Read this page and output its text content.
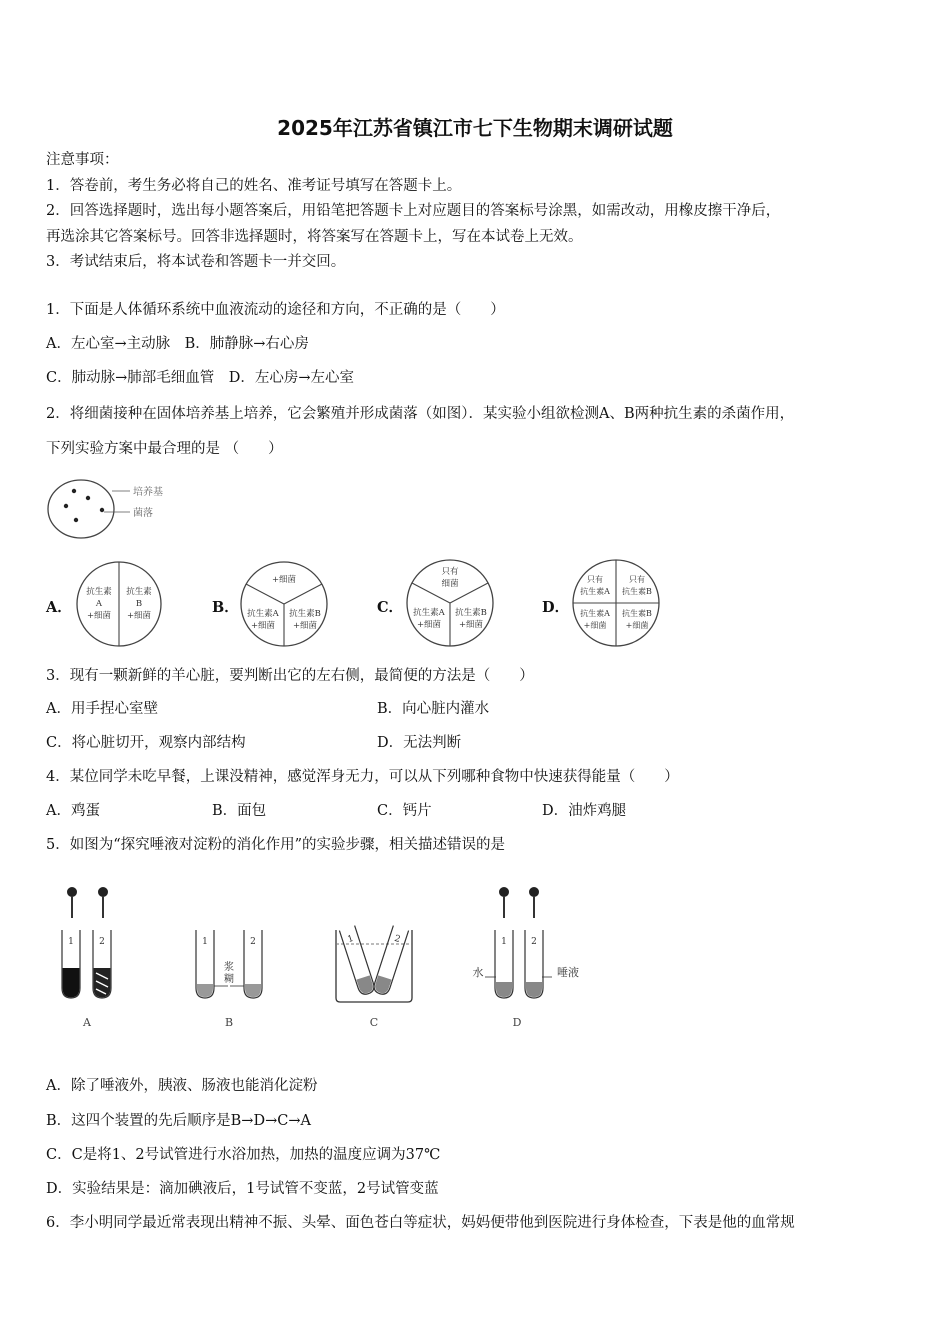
2025年江苏省镇江市七下生物期末调研试题
注意事项：
1．答卷前，考生务必将自己的姓名、准考证号填写在答题卡上。
2．回答选择题时，选出每小题答案后，用铅笔把答题卡上对应题目的答案标号涂黑，如需改动，用橡皮擦干净后，
再选涂其它答案标号。回答非选择题时，将答案写在答题卡上，写在本试卷上无效。
3．考试结束后，将本试卷和答题卡一并交回。
1．下面是人体循环系统中血液流动的途径和方向，不正确的是（　　）
A．左心室→主动脉　B．肺静脉→右心房
C．肺动脉→肺部毛细血管　D．左心房→左心室
2．将细菌接种在固体培养基上培养，它会繁殖并形成菌落（如图）．某实验小组欲检测A、B两种抗生素的杀菌作用，
下列实验方案中最合理的是 （　　）
培养基
菌落
A．	B．	C．	D．
抗生素
A
+细菌
抗生素
B
+细菌
+细菌
抗生素A
+细菌
抗生素B
+细菌
只有
细菌
抗生素A
+细菌
抗生素B
+细菌
只有
抗生素A
只有
抗生素B
抗生素A
+细菌
抗生素B
+细菌
3．现有一颗新鲜的羊心脏，要判断出它的左右侧，最简便的方法是（　　）
A．用手捏心室壁	B．向心脏内灌水
C．将心脏切开，观察内部结构	D．无法判断
4．某位同学未吃早餐，上课没精神，感觉浑身无力，可以从下列哪种食物中快速获得能量（　　）
A．鸡蛋	B．面包	C．钙片	D．油炸鸡腿
5．如图为“探究唾液对淀粉的消化作用”的实验步骤，相关描述错误的是
1	2
A
1	2
浆
糊
B
1	2
C
1	2
水	唾液
D
A．除了唾液外，胰液、肠液也能消化淀粉
B．这四个装置的先后顺序是B→D→C→A
C．C是将1、2号试管进行水浴加热，加热的温度应调为37℃
D．实验结果是：滴加碘液后，1号试管不变蓝，2号试管变蓝
6．李小明同学最近常表现出精神不振、头晕、面色苍白等症状，妈妈便带他到医院进行身体检查，下表是他的血常规
